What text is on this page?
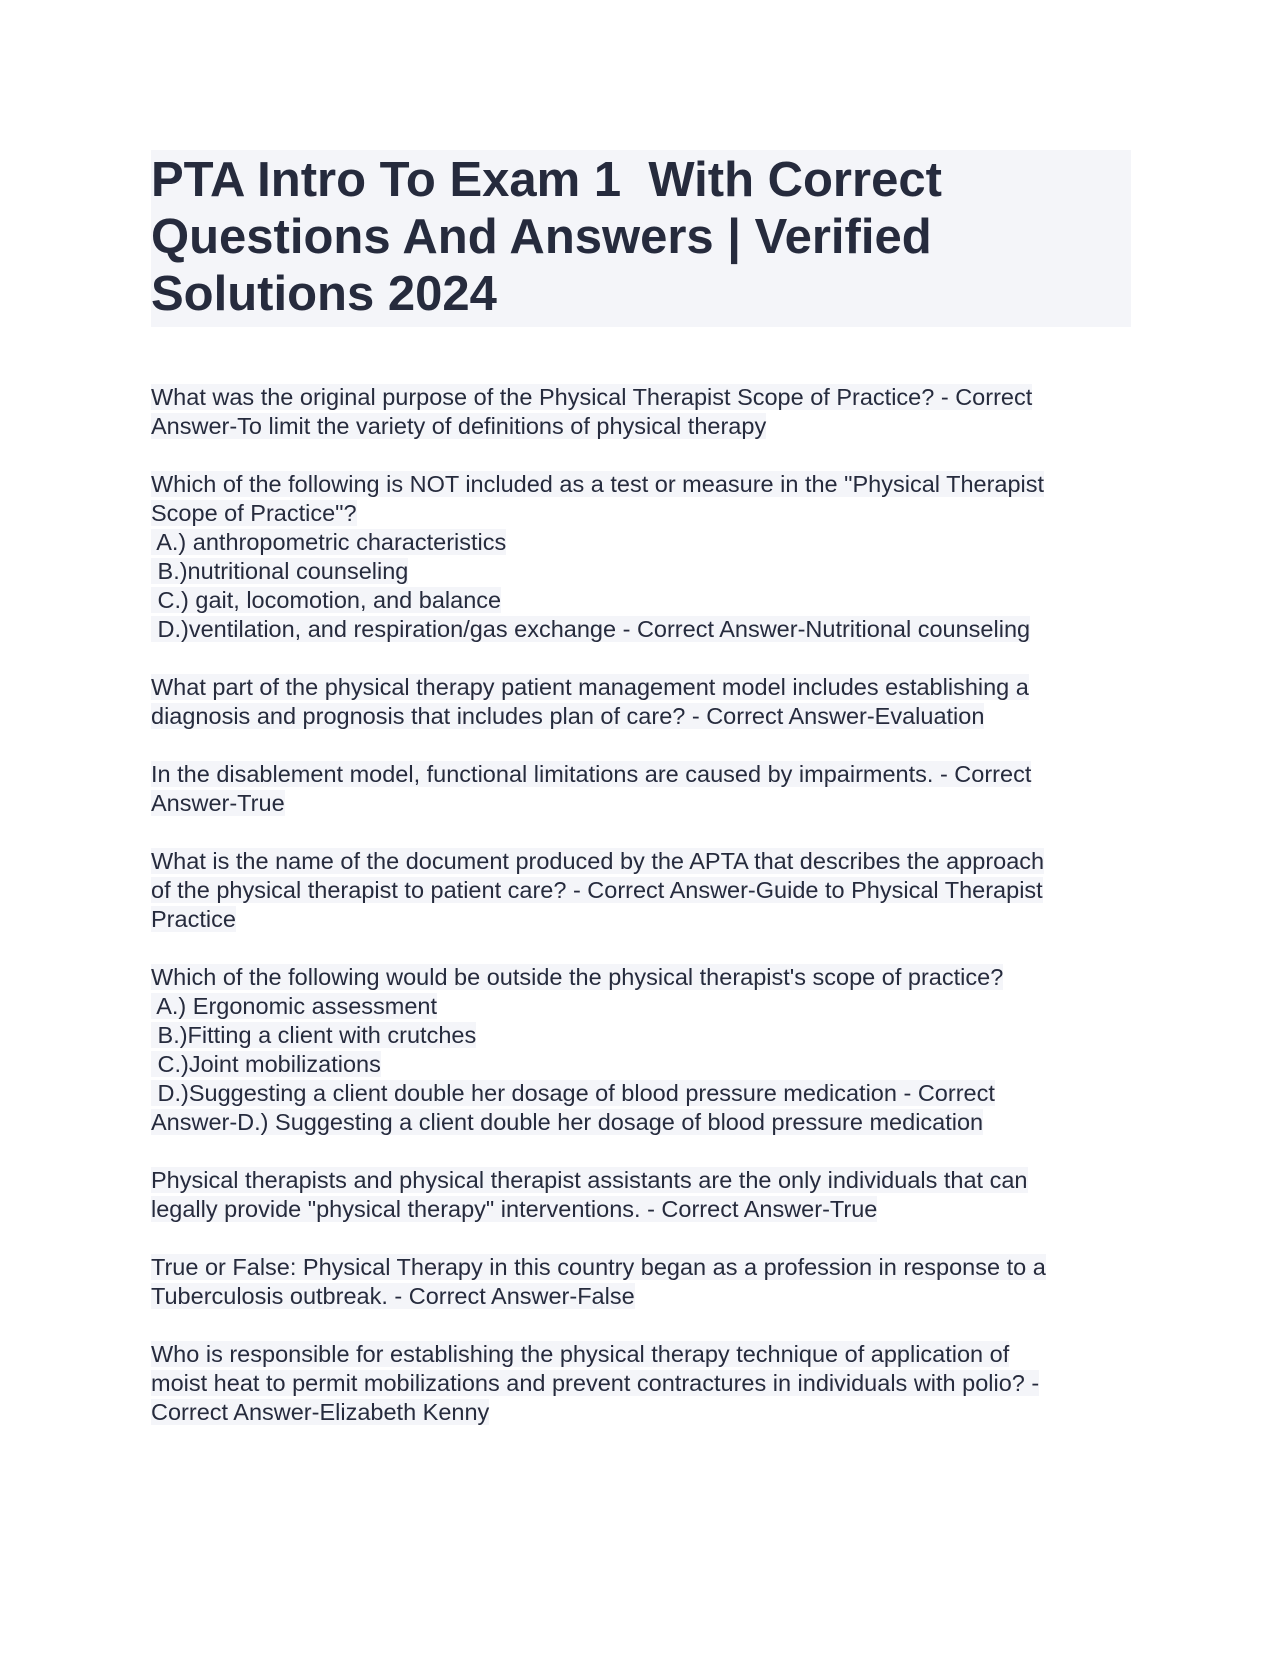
PTA Intro To Exam 1  With Correct
Questions And Answers | Verified
Solutions 2024

What was the original purpose of the Physical Therapist Scope of Practice? - Correct
Answer-To limit the variety of definitions of physical therapy

Which of the following is NOT included as a test or measure in the "Physical Therapist
Scope of Practice"?
A.) anthropometric characteristics
B.)nutritional counseling
C.) gait, locomotion, and balance
D.)ventilation, and respiration/gas exchange - Correct Answer-Nutritional counseling

What part of the physical therapy patient management model includes establishing a
diagnosis and prognosis that includes plan of care? - Correct Answer-Evaluation

In the disablement model, functional limitations are caused by impairments. - Correct
Answer-True

What is the name of the document produced by the APTA that describes the approach
of the physical therapist to patient care? - Correct Answer-Guide to Physical Therapist
Practice

Which of the following would be outside the physical therapist's scope of practice?
A.) Ergonomic assessment
B.)Fitting a client with crutches
C.)Joint mobilizations
D.)Suggesting a client double her dosage of blood pressure medication - Correct
Answer-D.) Suggesting a client double her dosage of blood pressure medication

Physical therapists and physical therapist assistants are the only individuals that can
legally provide "physical therapy" interventions. - Correct Answer-True

True or False: Physical Therapy in this country began as a profession in response to a
Tuberculosis outbreak. - Correct Answer-False

Who is responsible for establishing the physical therapy technique of application of
moist heat to permit mobilizations and prevent contractures in individuals with polio? -
Correct Answer-Elizabeth Kenny
